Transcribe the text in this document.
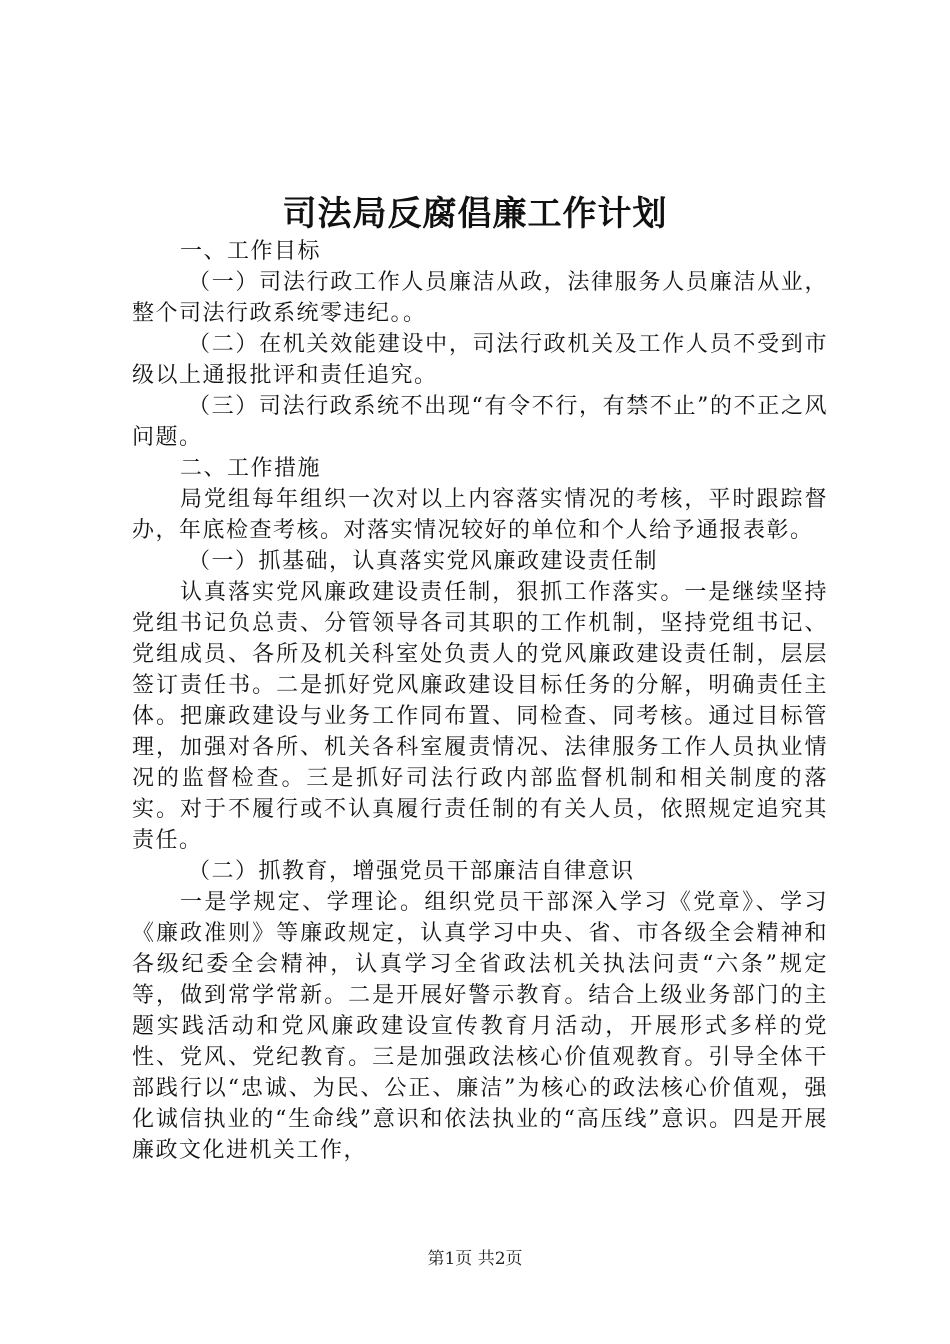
司法局反腐倡廉工作计划

一、工作目标

（一）司法行政工作人员廉洁从政，法律服务人员廉洁从业，整个司法行政系统零违纪。。

（二）在机关效能建设中，司法行政机关及工作人员不受到市级以上通报批评和责任追究。

（三）司法行政系统不出现“有令不行，有禁不止”的不正之风问题。

二、工作措施

局党组每年组织一次对以上内容落实情况的考核，平时跟踪督办，年底检查考核。对落实情况较好的单位和个人给予通报表彰。

（一）抓基础，认真落实党风廉政建设责任制

认真落实党风廉政建设责任制，狠抓工作落实。一是继续坚持党组书记负总责、分管领导各司其职的工作机制，坚持党组书记、党组成员、各所及机关科室处负责人的党风廉政建设责任制，层层签订责任书。二是抓好党风廉政建设目标任务的分解，明确责任主体。把廉政建设与业务工作同布置、同检查、同考核。通过目标管理，加强对各所、机关各科室履责情况、法律服务工作人员执业情况的监督检查。三是抓好司法行政内部监督机制和相关制度的落实。对于不履行或不认真履行责任制的有关人员，依照规定追究其责任。

（二）抓教育，增强党员干部廉洁自律意识

一是学规定、学理论。组织党员干部深入学习《党章》、学习《廉政准则》等廉政规定，认真学习中央、省、市各级全会精神和各级纪委全会精神，认真学习全省政法机关执法问责“六条”规定等，做到常学常新。二是开展好警示教育。结合上级业务部门的主题实践活动和党风廉政建设宣传教育月活动，开展形式多样的党性、党风、党纪教育。三是加强政法核心价值观教育。引导全体干部践行以“忠诚、为民、公正、廉洁”为核心的政法核心价值观，强化诚信执业的“生命线”意识和依法执业的“高压线”意识。四是开展廉政文化进机关工作，

第1页 共2页
